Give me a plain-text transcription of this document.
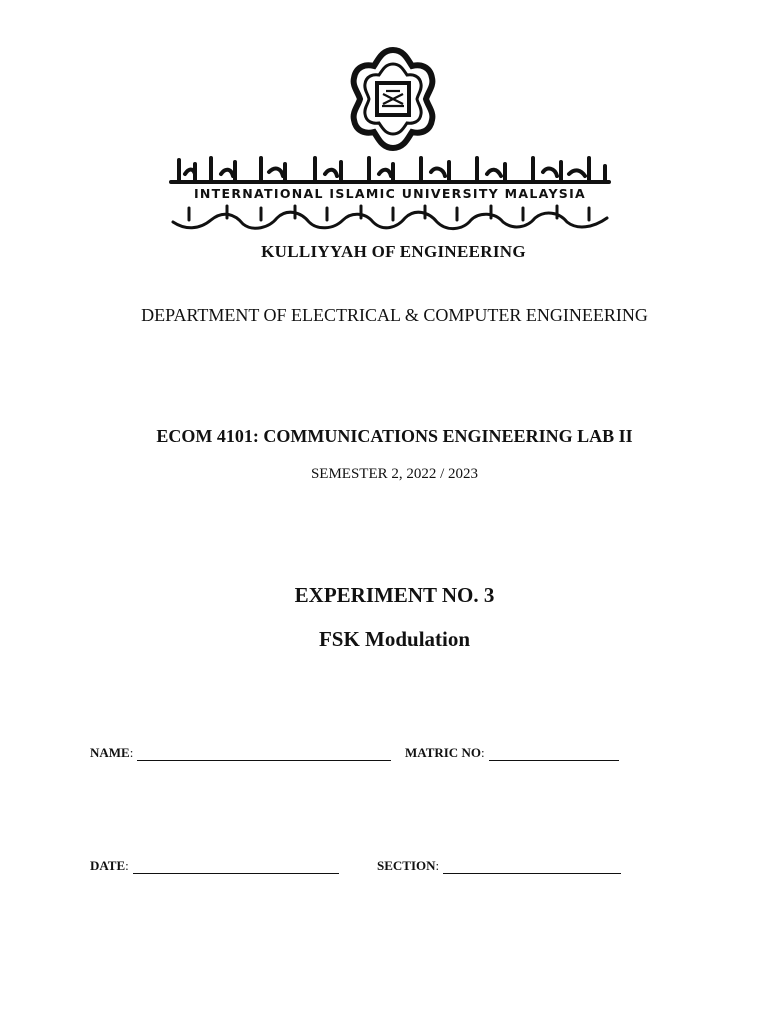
INTERNATIONAL ISLAMIC UNIVERSITY MALAYSIA
KULLIYYAH OF ENGINEERING
DEPARTMENT OF ELECTRICAL & COMPUTER ENGINEERING
ECOM 4101: COMMUNICATIONS ENGINEERING LAB II
SEMESTER 2, 2022 / 2023
EXPERIMENT NO. 3
FSK Modulation
NAME :	MATRIC NO :
DATE :	SECTION :
